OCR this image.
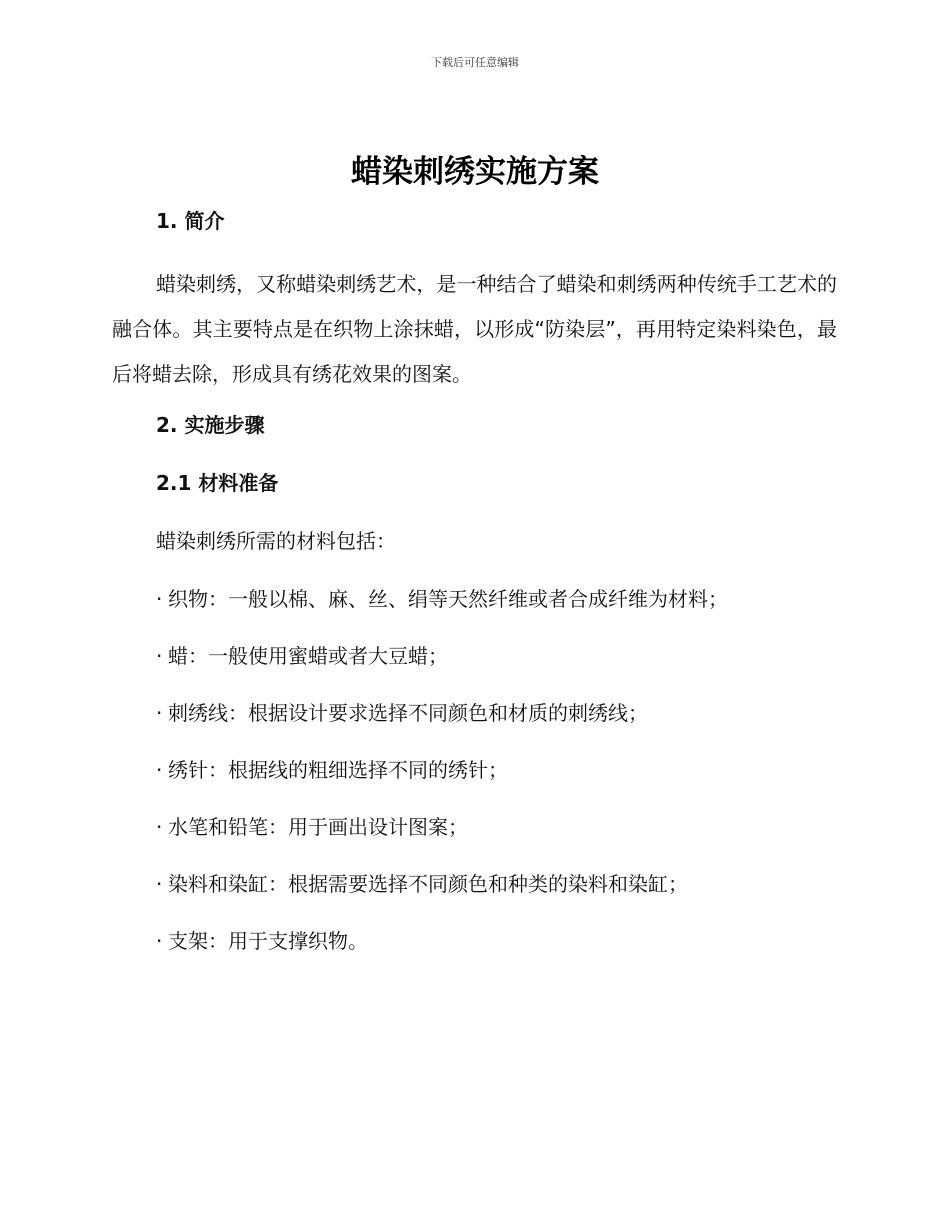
下载后可任意编辑
蜡染刺绣实施方案
1. 简介

蜡染刺绣，又称蜡染刺绣艺术，是一种结合了蜡染和刺绣两种传统手工艺术的融合体。其主要特点是在织物上涂抹蜡，以形成“防染层”，再用特定染料染色，最后将蜡去除，形成具有绣花效果的图案。

2. 实施步骤
2.1 材料准备

蜡染刺绣所需的材料包括：

· 织物：一般以棉、麻、丝、绢等天然纤维或者合成纤维为材料；

· 蜡：一般使用蜜蜡或者大豆蜡；

· 刺绣线：根据设计要求选择不同颜色和材质的刺绣线；

· 绣针：根据线的粗细选择不同的绣针；

· 水笔和铅笔：用于画出设计图案；

· 染料和染缸：根据需要选择不同颜色和种类的染料和染缸；

· 支架：用于支撑织物。
